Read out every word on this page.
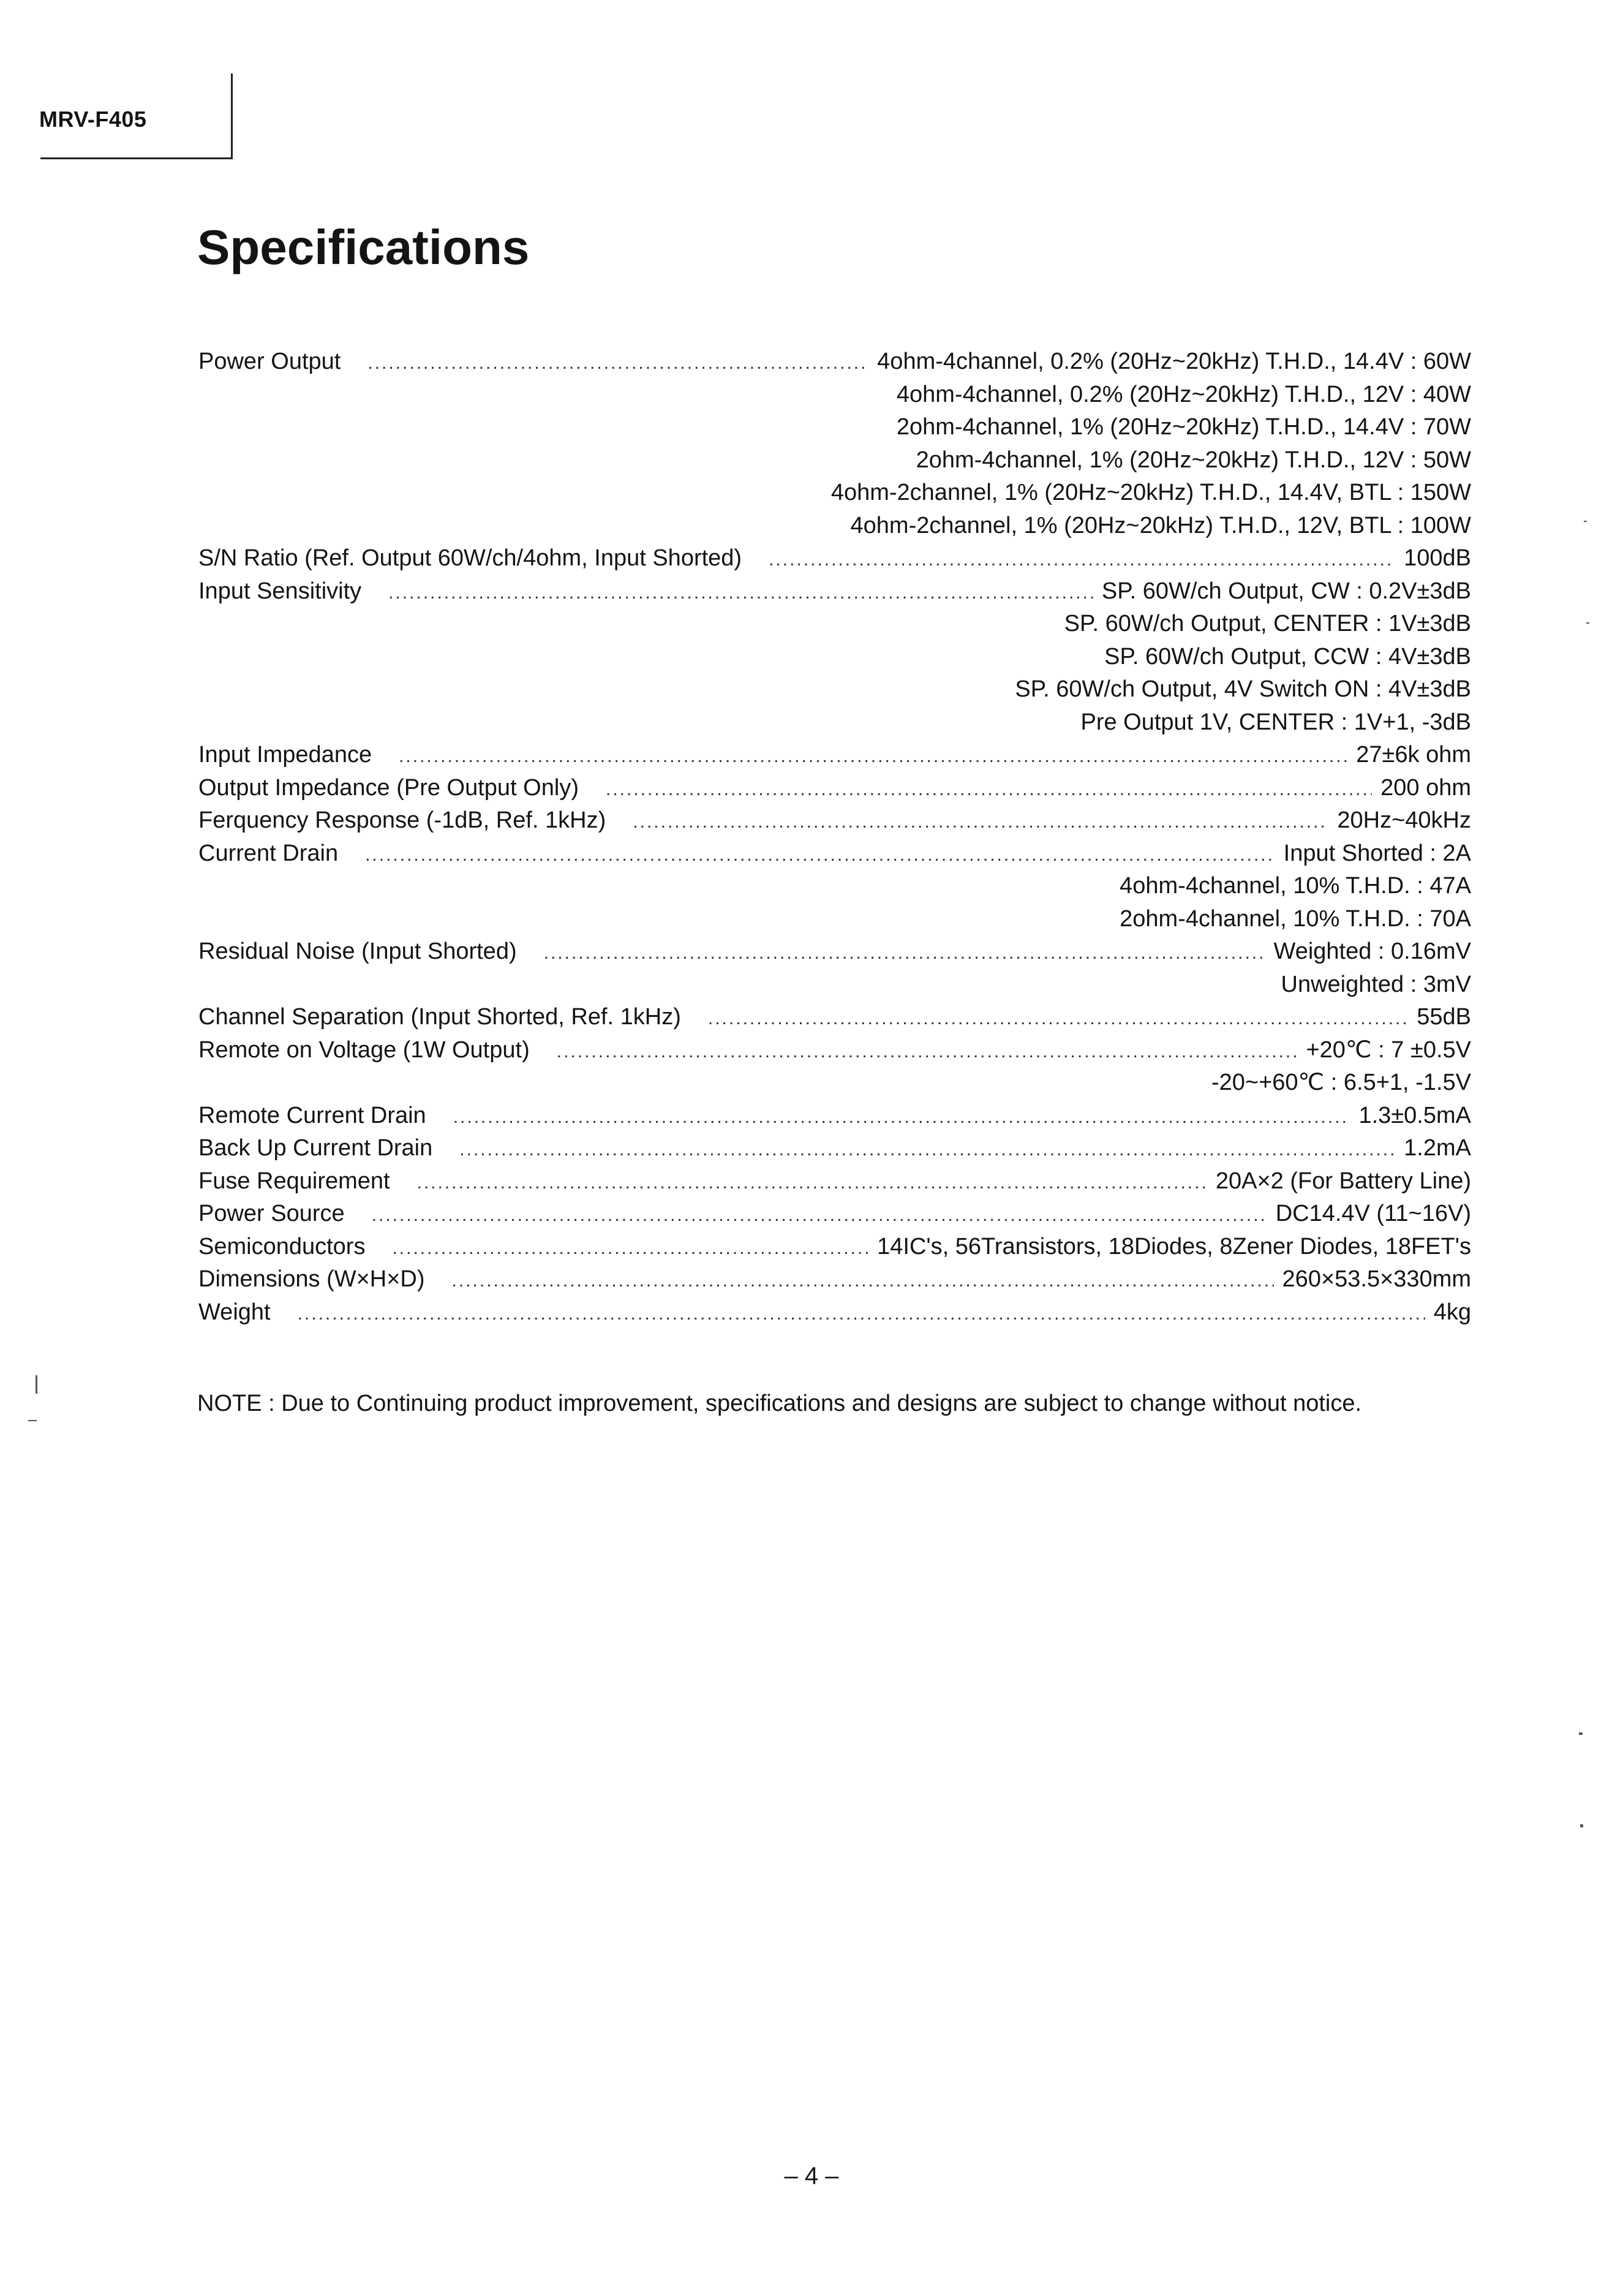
MRV-F405
Specifications
Power Output .....	4ohm-4channel, 0.2% (20Hz~20kHz) T.H.D., 14.4V : 60W
4ohm-4channel, 0.2% (20Hz~20kHz) T.H.D., 12V : 40W
2ohm-4channel, 1% (20Hz~20kHz) T.H.D., 14.4V : 70W
2ohm-4channel, 1% (20Hz~20kHz) T.H.D., 12V : 50W
4ohm-2channel, 1% (20Hz~20kHz) T.H.D., 14.4V, BTL : 150W
4ohm-2channel, 1% (20Hz~20kHz) T.H.D., 12V, BTL : 100W
S/N Ratio (Ref. Output 60W/ch/4ohm, Input Shorted) .....	100dB
Input Sensitivity .....	SP. 60W/ch Output, CW : 0.2V±3dB
SP. 60W/ch Output, CENTER : 1V±3dB
SP. 60W/ch Output, CCW : 4V±3dB
SP. 60W/ch Output, 4V Switch ON : 4V±3dB
Pre Output 1V, CENTER : 1V+1, -3dB
Input Impedance .....	27±6k ohm
Output Impedance (Pre Output Only) .....	200 ohm
Ferquency Response (-1dB, Ref. 1kHz) .....	20Hz~40kHz
Current Drain .....	Input Shorted : 2A
4ohm-4channel, 10% T.H.D. : 47A
2ohm-4channel, 10% T.H.D. : 70A
Residual Noise (Input Shorted) .....	Weighted : 0.16mV
Unweighted : 3mV
Channel Separation (Input Shorted, Ref. 1kHz) .....	55dB
Remote on Voltage (1W Output) .....	+20℃ : 7 ±0.5V
-20~+60℃ : 6.5+1, -1.5V
Remote Current Drain .....	1.3±0.5mA
Back Up Current Drain .....	1.2mA
Fuse Requirement .....	20A×2 (For Battery Line)
Power Source .....	DC14.4V (11~16V)
Semiconductors .....	14IC's, 56Transistors, 18Diodes, 8Zener Diodes, 18FET's
Dimensions (W×H×D) .....	260×53.5×330mm
Weight .....	4kg
NOTE : Due to Continuing product improvement, specifications and designs are subject to change without notice.
– 4 –
